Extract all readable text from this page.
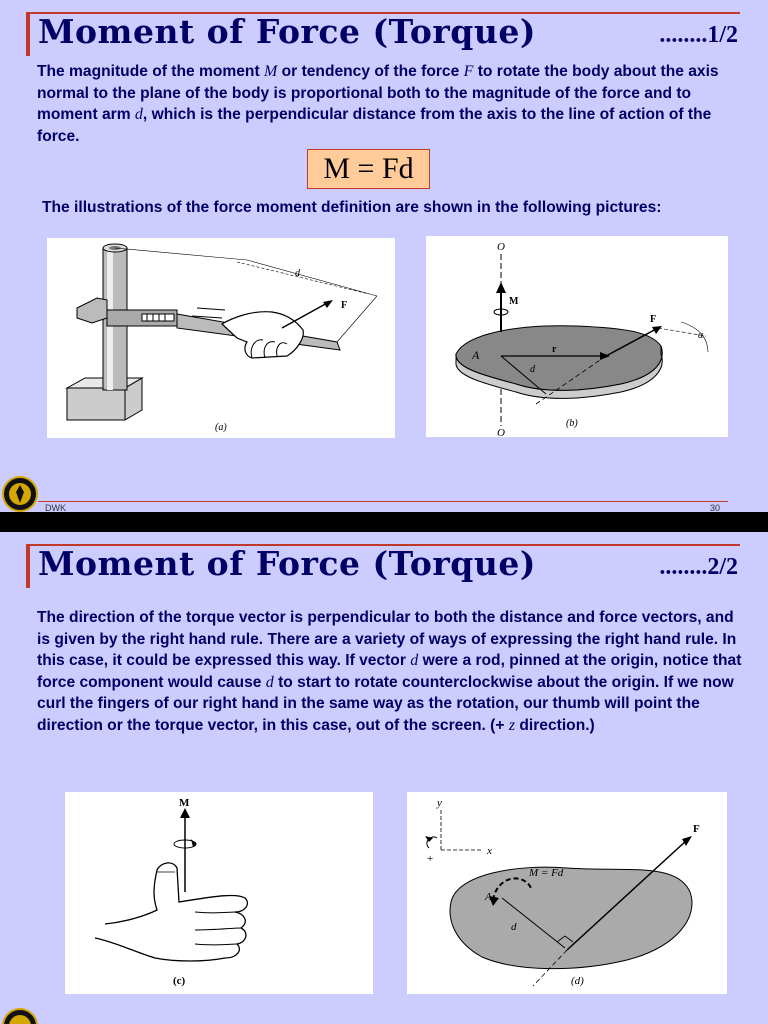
Moment of Force (Torque)	........1/2
The magnitude of the moment M or tendency of the force F to rotate the body about the axis normal to the plane of the body is proportional both to the magnitude of the force and to moment arm d, which is the perpendicular distance from the axis to the line of action of the force.
M = Fd
The illustrations of the force moment definition are shown in the following pictures:
F
d
(a)
O
O
M
r
A
F
α
d
(b)
DWK	30
Moment of Force (Torque)	........2/2
The direction of the torque vector is perpendicular to both the distance and force vectors, and is given by the right hand rule. There are a variety of ways of expressing the right hand rule. In this case, it could be expressed this way. If vector d were a rod, pinned at the origin, notice that force component would cause d to start to rotate counterclockwise about the origin. If we now curl the fingers of our right hand in the same way as the rotation, our thumb will point the direction or the torque vector, in this case, out of the screen. (+ z direction.)
M
(c)
y
x
+
M = Fd
A
d
F
(d)
